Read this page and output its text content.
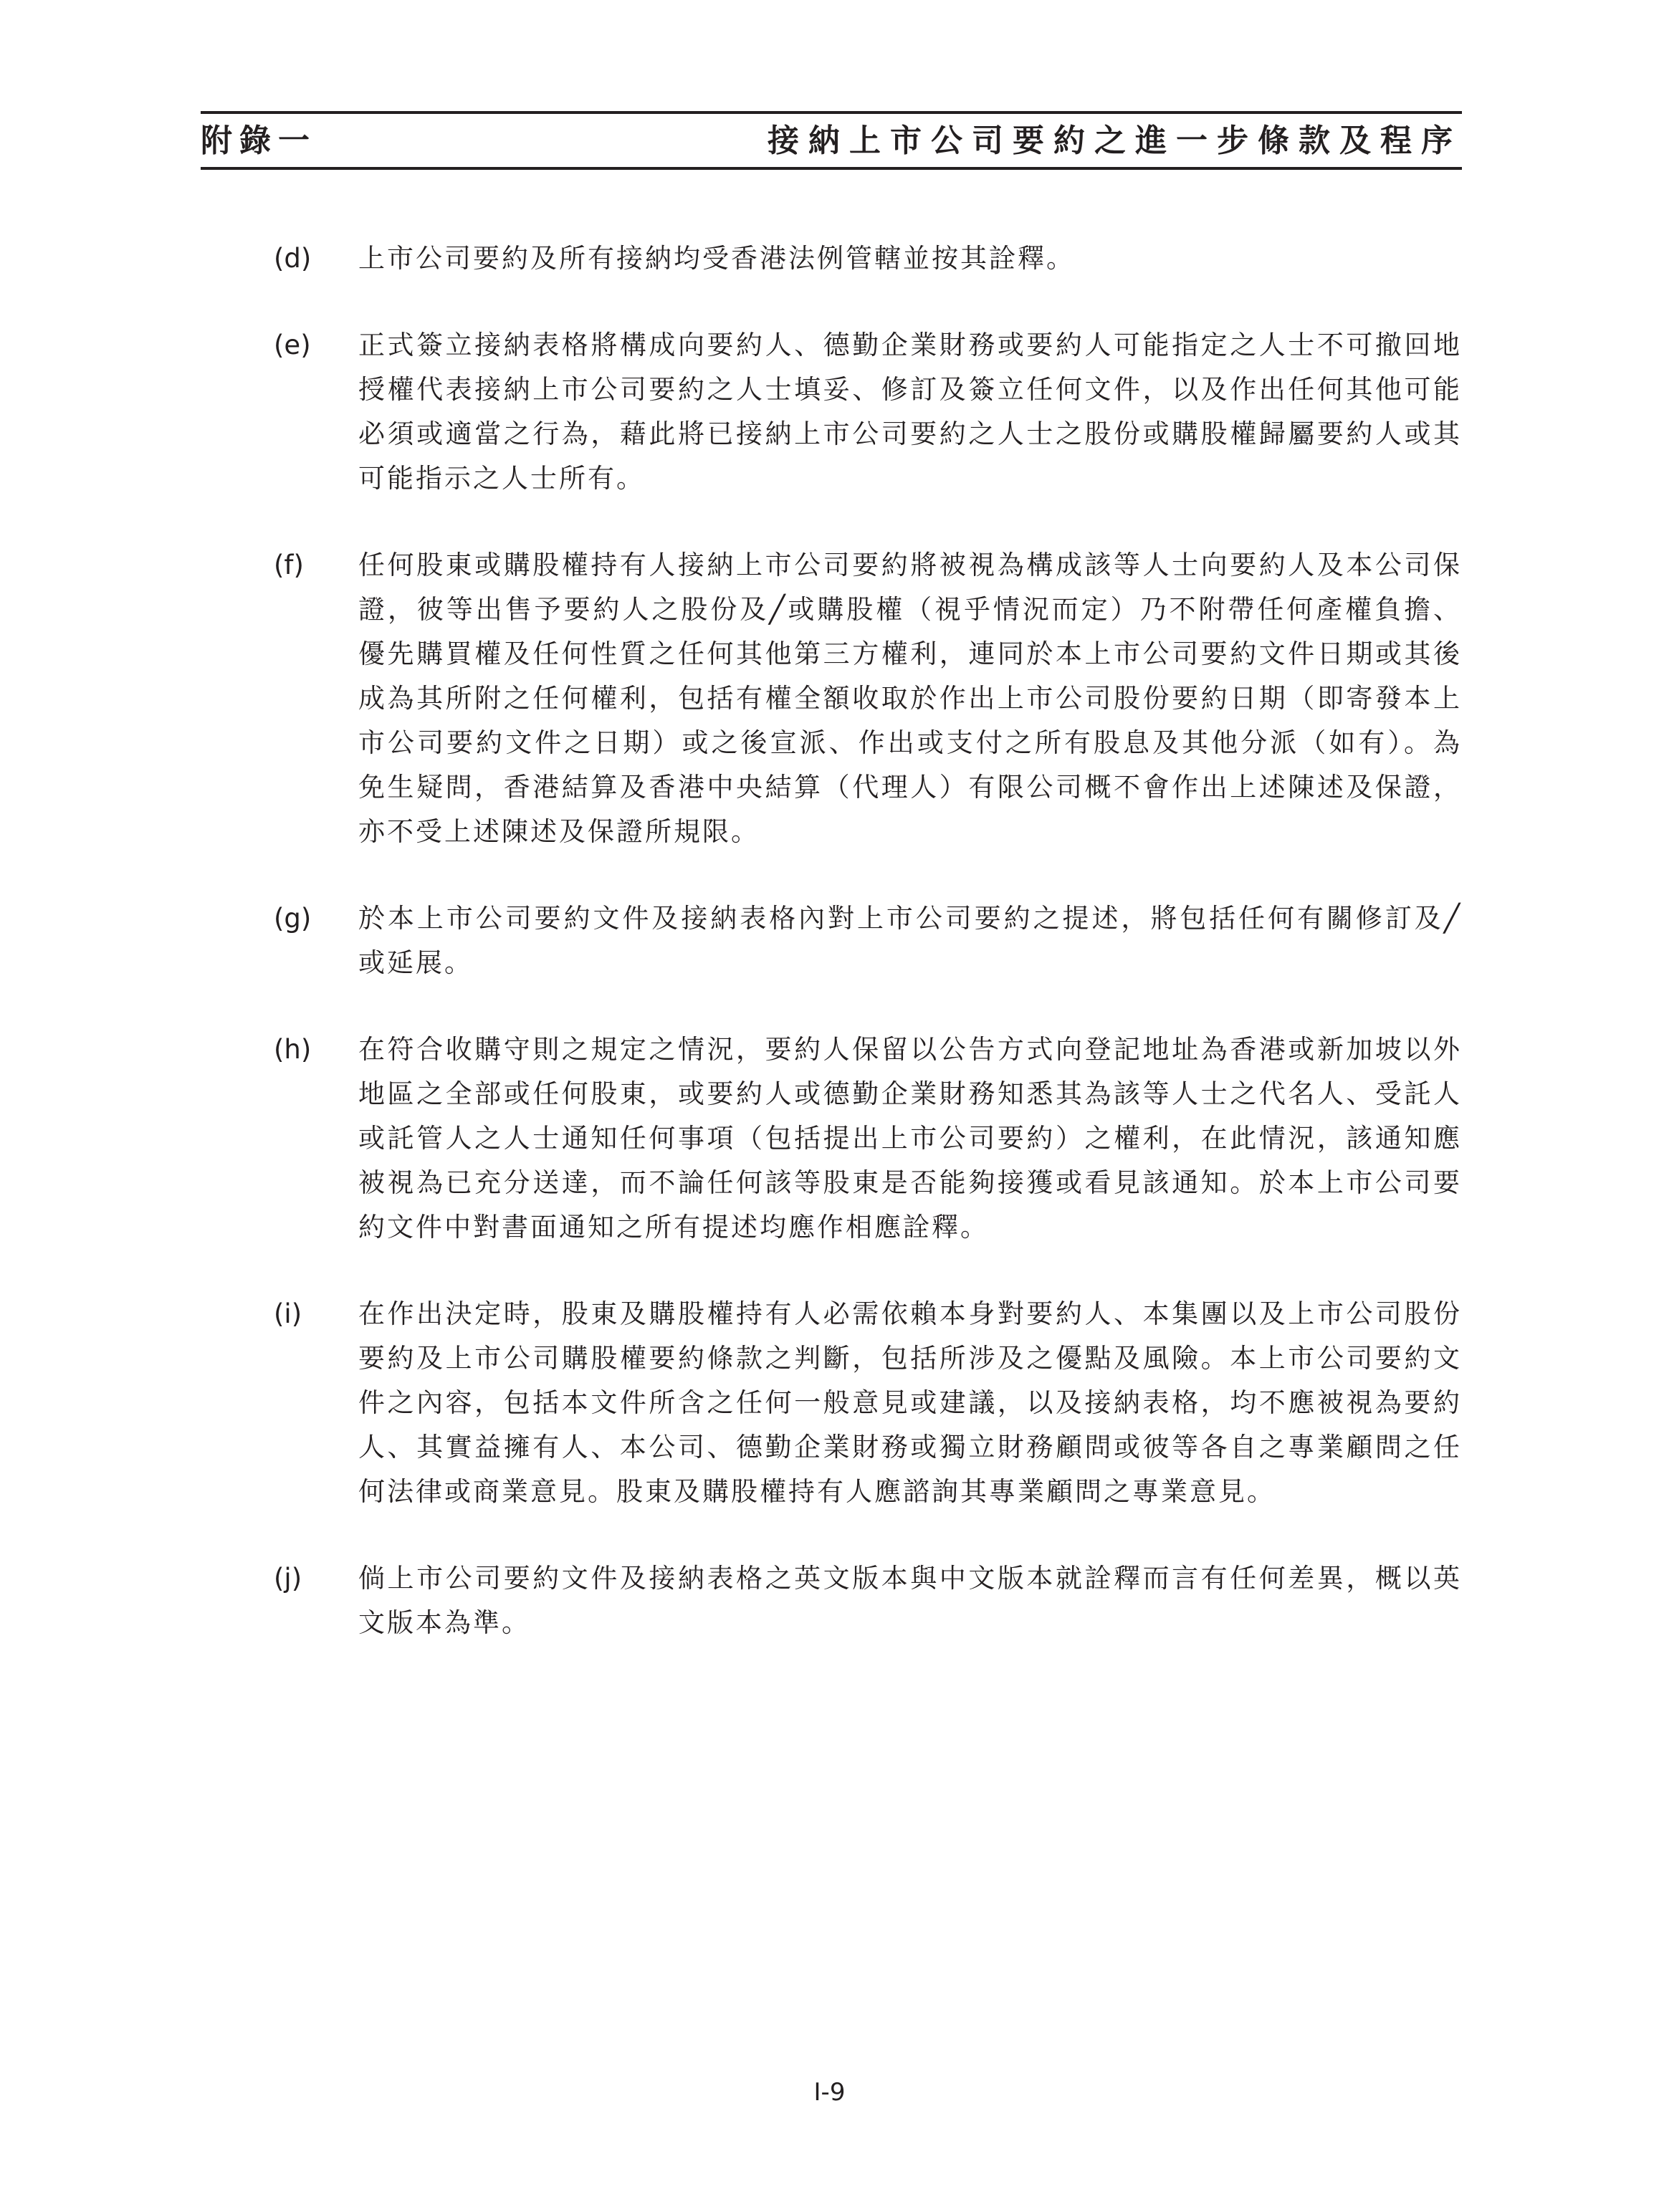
附錄一	接納上市公司要約之進一步條款及程序
(d) 上市公司要約及所有接納均受香港法例管轄並按其詮釋。
(e) 正式簽立接納表格將構成向要約人、德勤企業財務或要約人可能指定之人士不可撤回地授權代表接納上市公司要約之人士填妥、修訂及簽立任何文件，以及作出任何其他可能必須或適當之行為，藉此將已接納上市公司要約之人士之股份或購股權歸屬要約人或其可能指示之人士所有。
(f) 任何股東或購股權持有人接納上市公司要約將被視為構成該等人士向要約人及本公司保證，彼等出售予要約人之股份及╱或購股權（視乎情況而定）乃不附帶任何產權負擔、優先購買權及任何性質之任何其他第三方權利，連同於本上市公司要約文件日期或其後成為其所附之任何權利，包括有權全額收取於作出上市公司股份要約日期（即寄發本上市公司要約文件之日期）或之後宣派、作出或支付之所有股息及其他分派（如有）。為免生疑問，香港結算及香港中央結算（代理人）有限公司概不會作出上述陳述及保證，亦不受上述陳述及保證所規限。
(g) 於本上市公司要約文件及接納表格內對上市公司要約之提述，將包括任何有關修訂及╱或延展。
(h) 在符合收購守則之規定之情況，要約人保留以公告方式向登記地址為香港或新加坡以外地區之全部或任何股東，或要約人或德勤企業財務知悉其為該等人士之代名人、受託人或託管人之人士通知任何事項（包括提出上市公司要約）之權利，在此情況，該通知應被視為已充分送達，而不論任何該等股東是否能夠接獲或看見該通知。於本上市公司要約文件中對書面通知之所有提述均應作相應詮釋。
(i) 在作出決定時，股東及購股權持有人必需依賴本身對要約人、本集團以及上市公司股份要約及上市公司購股權要約條款之判斷，包括所涉及之優點及風險。本上市公司要約文件之內容，包括本文件所含之任何一般意見或建議，以及接納表格，均不應被視為要約人、其實益擁有人、本公司、德勤企業財務或獨立財務顧問或彼等各自之專業顧問之任何法律或商業意見。股東及購股權持有人應諮詢其專業顧問之專業意見。
(j) 倘上市公司要約文件及接納表格之英文版本與中文版本就詮釋而言有任何差異，概以英文版本為準。
I-9
